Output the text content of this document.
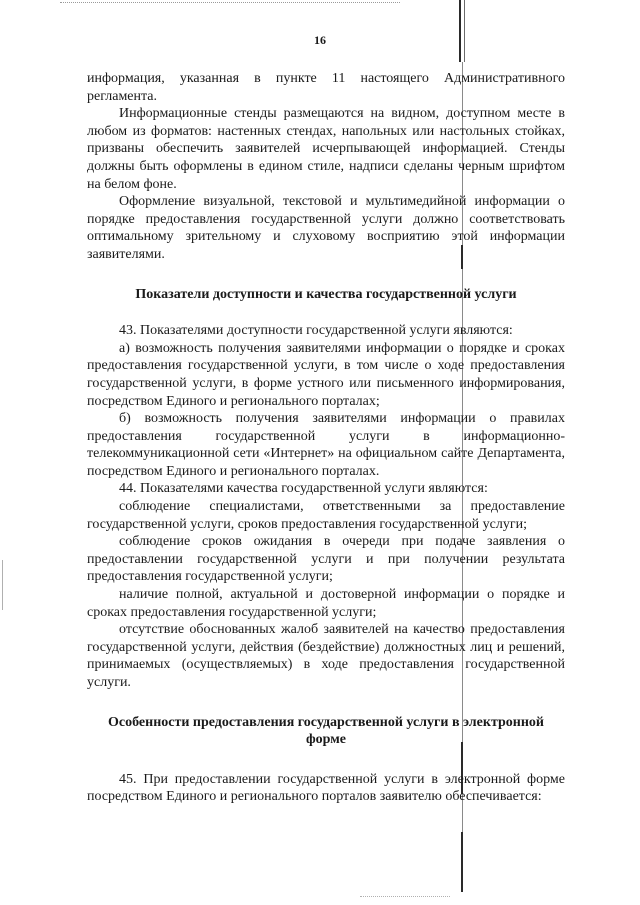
16

информация, указанная в пункте 11 настоящего Административного регламента.

Информационные стенды размещаются на видном, доступном месте в любом из форматов: настенных стендах, напольных или настольных стойках, призваны обеспечить заявителей исчерпывающей информацией. Стенды должны быть оформлены в едином стиле, надписи сделаны черным шрифтом на белом фоне.

Оформление визуальной, текстовой и мультимедийной информации о порядке предоставления государственной услуги должно соответствовать оптимальному зрительному и слуховому восприятию этой информации заявителями.

Показатели доступности и качества государственной услуги

43. Показателями доступности государственной услуги являются:

а) возможность получения заявителями информации о порядке и сроках предоставления государственной услуги, в том числе о ходе предоставления государственной услуги, в форме устного или письменного информирования, посредством Единого и регионального порталах;

б) возможность получения заявителями информации о правилах предоставления государственной услуги в информационно-телекоммуникационной сети «Интернет» на официальном сайте Департамента, посредством Единого и регионального порталах.

44. Показателями качества государственной услуги являются:

соблюдение специалистами, ответственными за предоставление государственной услуги, сроков предоставления государственной услуги;

соблюдение сроков ожидания в очереди при подаче заявления о предоставлении государственной услуги и при получении результата предоставления государственной услуги;

наличие полной, актуальной и достоверной информации о порядке и сроках предоставления государственной услуги;

отсутствие обоснованных жалоб заявителей на качество предоставления государственной услуги, действия (бездействие) должностных лиц и решений, принимаемых (осуществляемых) в ходе предоставления государственной услуги.

Особенности предоставления государственной услуги в электронной форме

45. При предоставлении государственной услуги в электронной форме посредством Единого и регионального порталов заявителю обеспечивается:
